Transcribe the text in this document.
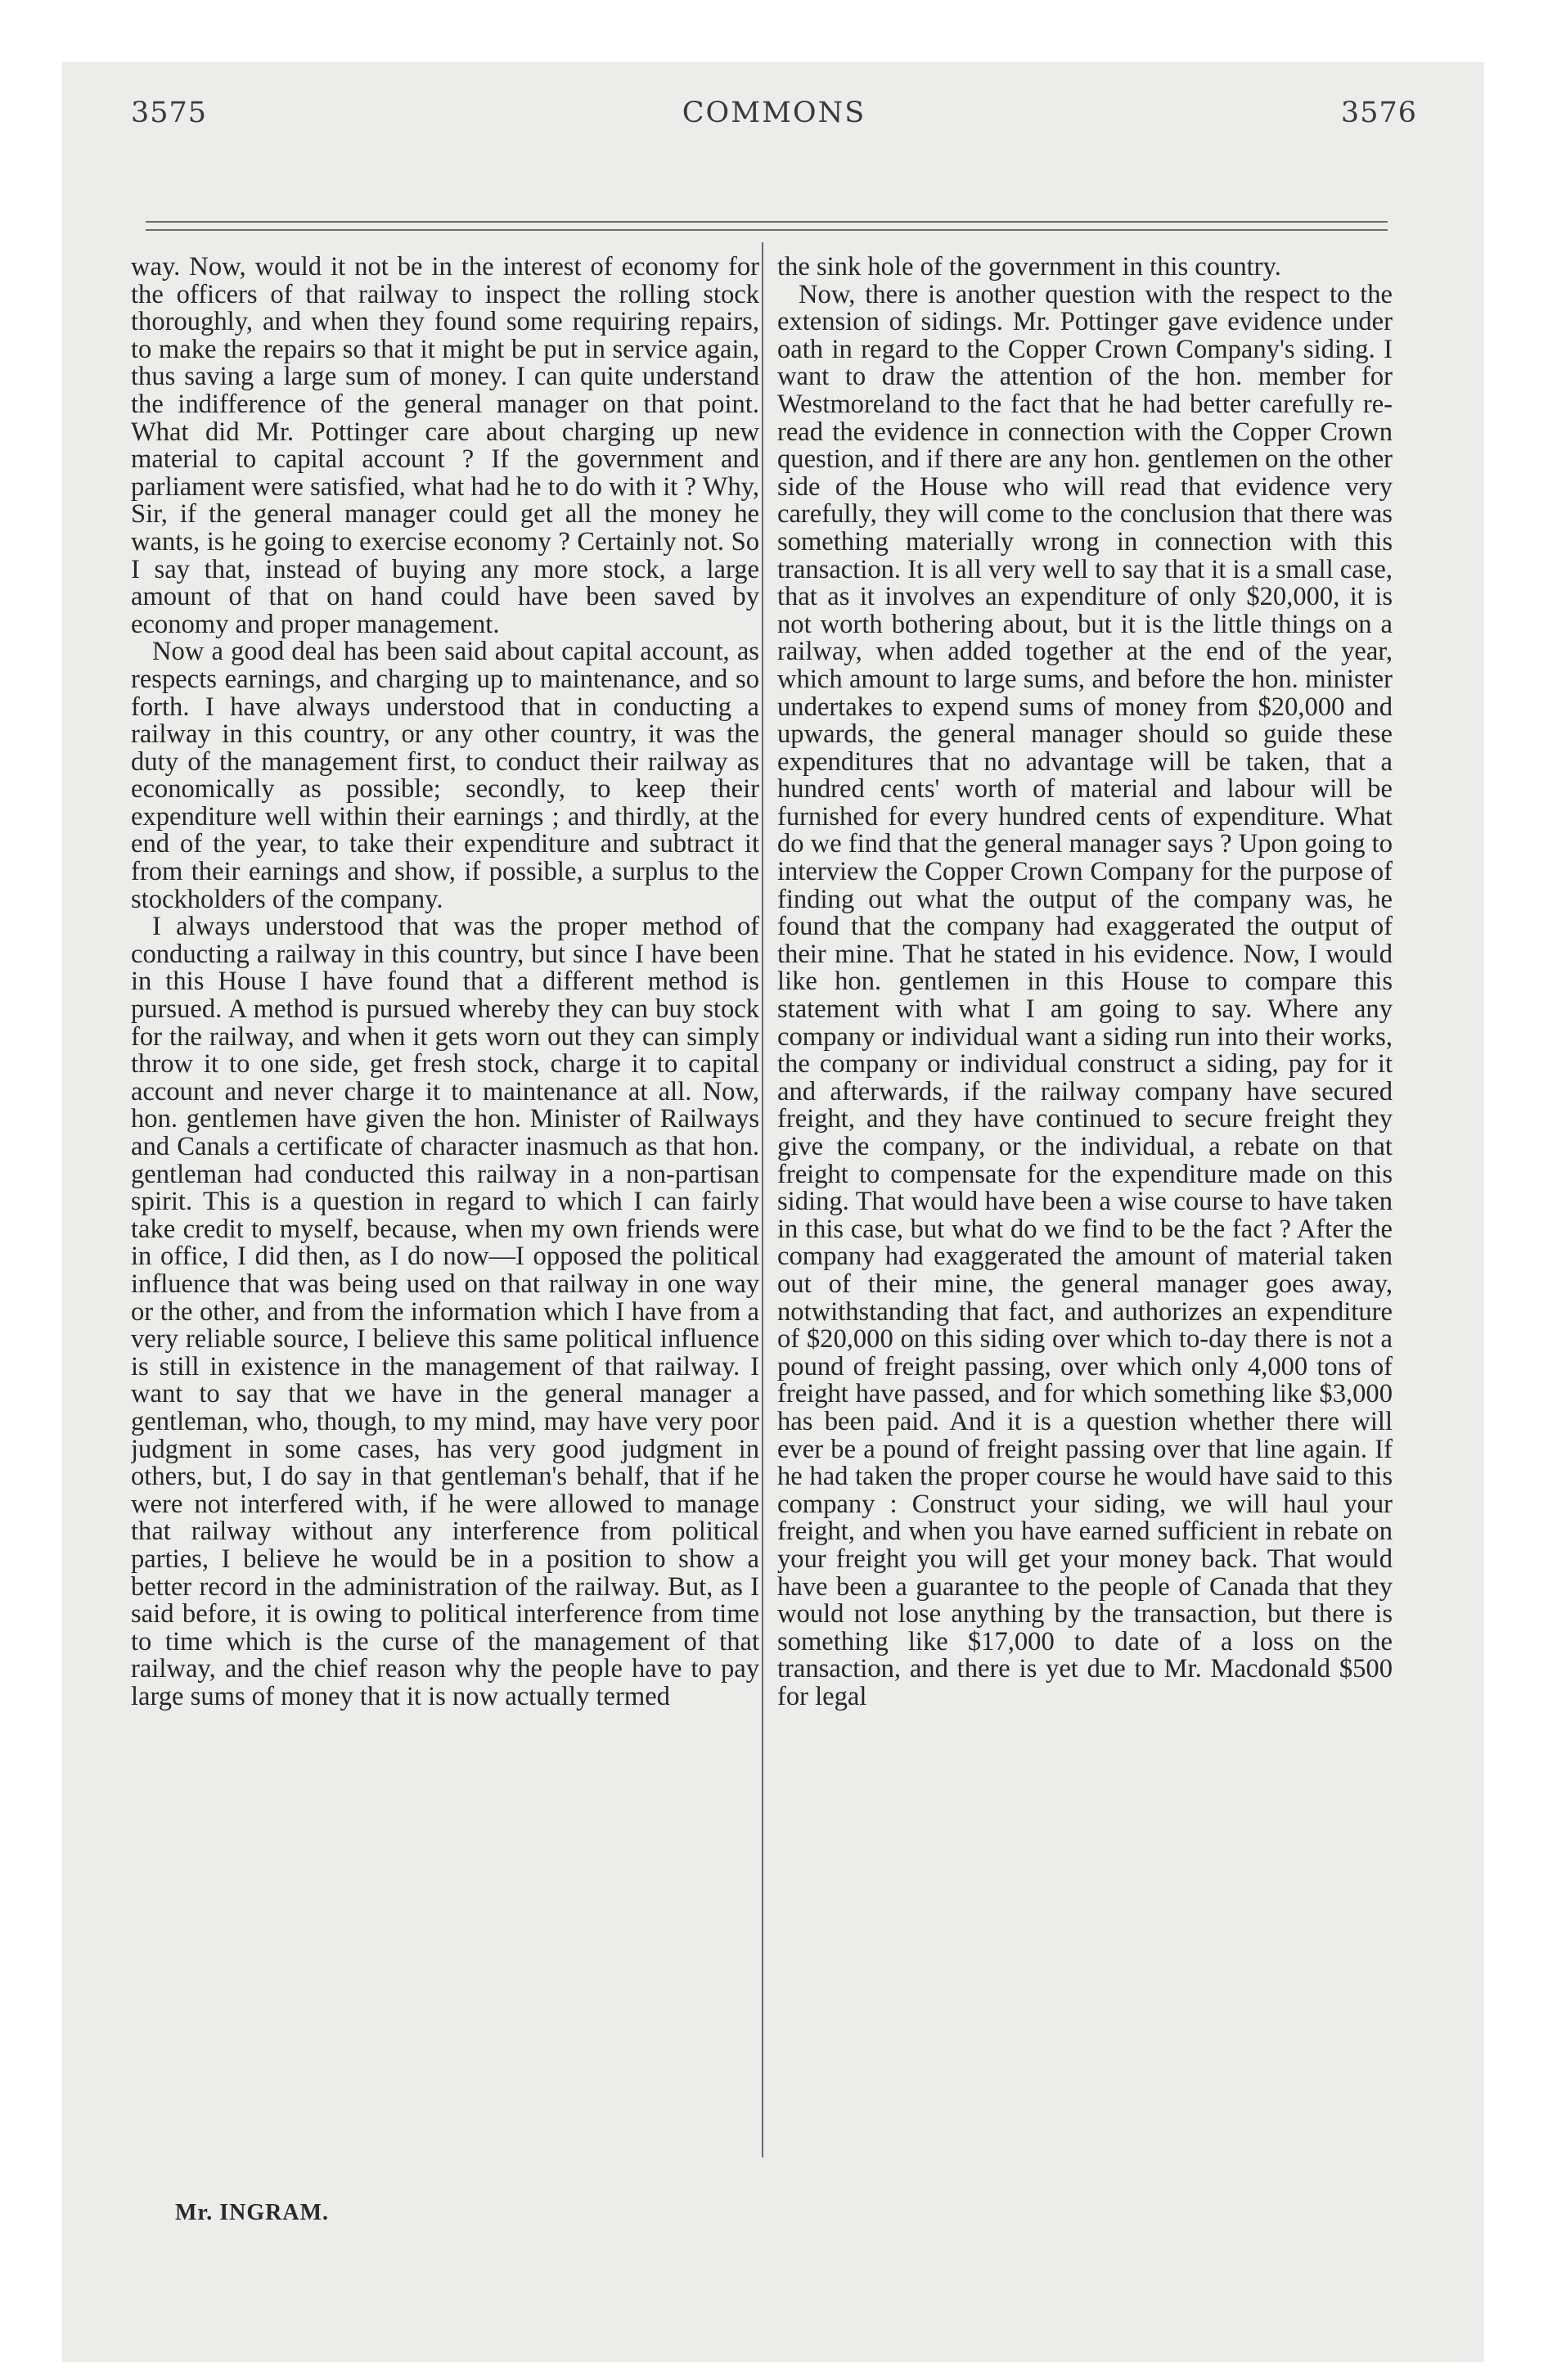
COMMONS
3575	3576

way. Now, would it not be in the interest of economy for the officers of that railway to inspect the rolling stock thoroughly, and when they found some requiring repairs, to make the repairs so that it might be put in service again, thus saving a large sum of money. I can quite understand the indifference of the general manager on that point. What did Mr. Pottinger care about charging up new material to capital account ? If the government and parliament were satisfied, what had he to do with it ? Why, Sir, if the general manager could get all the money he wants, is he going to exercise economy ? Certainly not. So I say that, instead of buying any more stock, a large amount of that on hand could have been saved by economy and proper management.

Now a good deal has been said about capital account, as respects earnings, and charging up to maintenance, and so forth. I have always understood that in conducting a railway in this country, or any other country, it was the duty of the management first, to conduct their railway as economically as possible; secondly, to keep their expenditure well within their earnings ; and thirdly, at the end of the year, to take their expenditure and subtract it from their earnings and show, if possible, a surplus to the stockholders of the company.

I always understood that was the proper method of conducting a railway in this country, but since I have been in this House I have found that a different method is pursued. A method is pursued whereby they can buy stock for the railway, and when it gets worn out they can simply throw it to one side, get fresh stock, charge it to capital account and never charge it to maintenance at all. Now, hon. gentlemen have given the hon. Minister of Railways and Canals a certificate of character inasmuch as that hon. gentleman had conducted this railway in a non-partisan spirit. This is a question in regard to which I can fairly take credit to myself, because, when my own friends were in office, I did then, as I do now—I opposed the political influence that was being used on that railway in one way or the other, and from the information which I have from a very reliable source, I believe this same political influence is still in existence in the management of that railway. I want to say that we have in the general manager a gentleman, who, though, to my mind, may have very poor judgment in some cases, has very good judgment in others, but, I do say in that gentleman's behalf, that if he were not interfered with, if he were allowed to manage that railway without any interference from political parties, I believe he would be in a position to show a better record in the administration of the railway. But, as I said before, it is owing to political interference from time to time which is the curse of the management of that railway, and the chief reason why the people have to pay large sums of money that it is now actually termed

the sink hole of the government in this country.

Now, there is another question with the respect to the extension of sidings. Mr. Pottinger gave evidence under oath in regard to the Copper Crown Company's siding. I want to draw the attention of the hon. member for Westmoreland to the fact that he had better carefully re-read the evidence in connection with the Copper Crown question, and if there are any hon. gentlemen on the other side of the House who will read that evidence very carefully, they will come to the conclusion that there was something materially wrong in connection with this transaction. It is all very well to say that it is a small case, that as it involves an expenditure of only $20,000, it is not worth bothering about, but it is the little things on a railway, when added together at the end of the year, which amount to large sums, and before the hon. minister undertakes to expend sums of money from $20,000 and upwards, the general manager should so guide these expenditures that no advantage will be taken, that a hundred cents' worth of material and labour will be furnished for every hundred cents of expenditure. What do we find that the general manager says ? Upon going to interview the Copper Crown Company for the purpose of finding out what the output of the company was, he found that the company had exaggerated the output of their mine. That he stated in his evidence. Now, I would like hon. gentlemen in this House to compare this statement with what I am going to say. Where any company or individual want a siding run into their works, the company or individual construct a siding, pay for it and afterwards, if the railway company have secured freight, and they have continued to secure freight they give the company, or the individual, a rebate on that freight to compensate for the expenditure made on this siding. That would have been a wise course to have taken in this case, but what do we find to be the fact ? After the company had exaggerated the amount of material taken out of their mine, the general manager goes away, notwithstanding that fact, and authorizes an expenditure of $20,000 on this siding over which to-day there is not a pound of freight passing, over which only 4,000 tons of freight have passed, and for which something like $3,000 has been paid. And it is a question whether there will ever be a pound of freight passing over that line again. If he had taken the proper course he would have said to this company : Construct your siding, we will haul your freight, and when you have earned sufficient in rebate on your freight you will get your money back. That would have been a guarantee to the people of Canada that they would not lose anything by the transaction, but there is something like $17,000 to date of a loss on the transaction, and there is yet due to Mr. Macdonald $500 for legal

Mr. INGRAM.
